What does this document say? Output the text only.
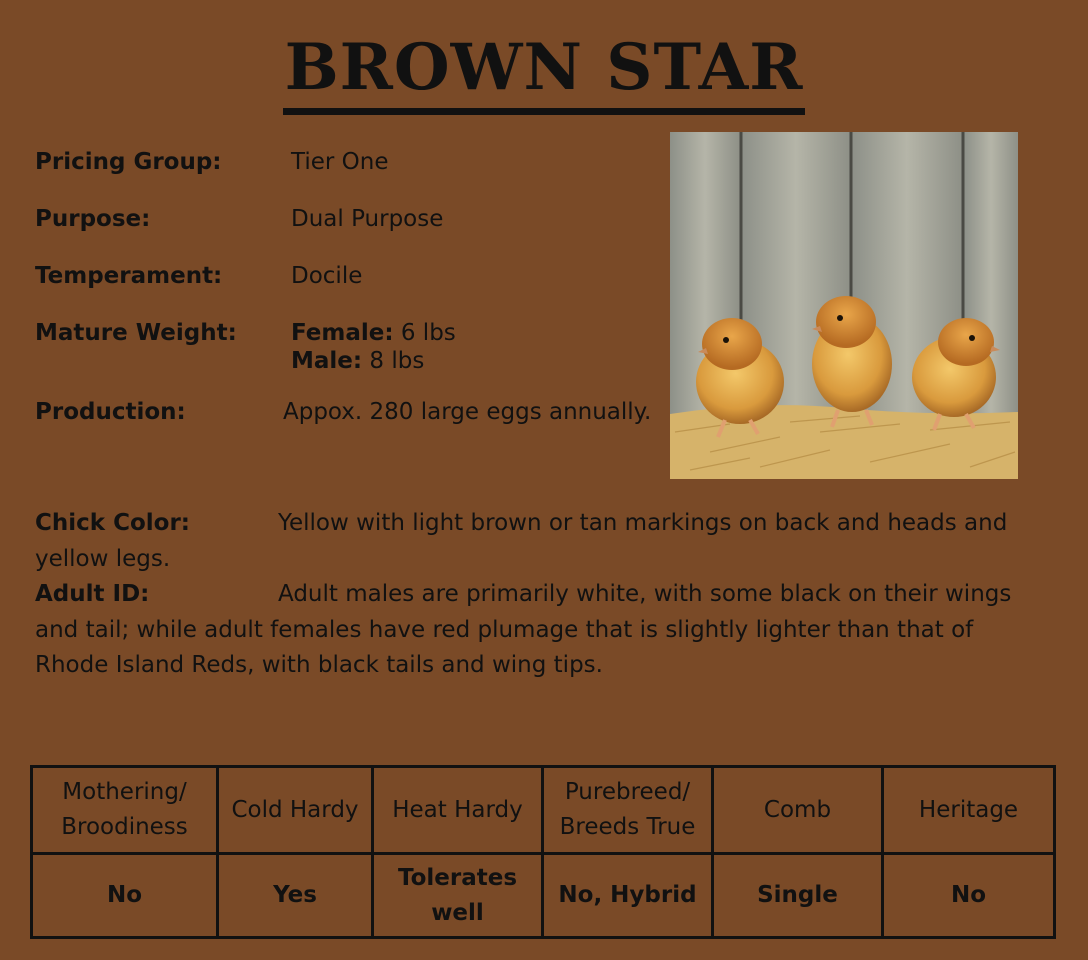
BROWN STAR
Pricing Group:	Tier One
Purpose:	Dual Purpose
Temperament:	Docile
Mature Weight: Female: 6 lbs
Male: 8 lbs
Production:	Appox. 280 large eggs annually.

Chick Color:	Yellow with light brown or tan markings on back and heads and yellow legs.

Adult ID:	Adult males are primarily white, with some black on their wings and tail; while adult females have red plumage that is slightly lighter than that of Rhode Island Reds, with black tails and wing tips.

Mothering/ Broodiness	Cold Hardy	Heat Hardy	Purebreed/ Breeds True	Comb	Heritage
No	Yes	Tolerates well	No, Hybrid	Single	No
